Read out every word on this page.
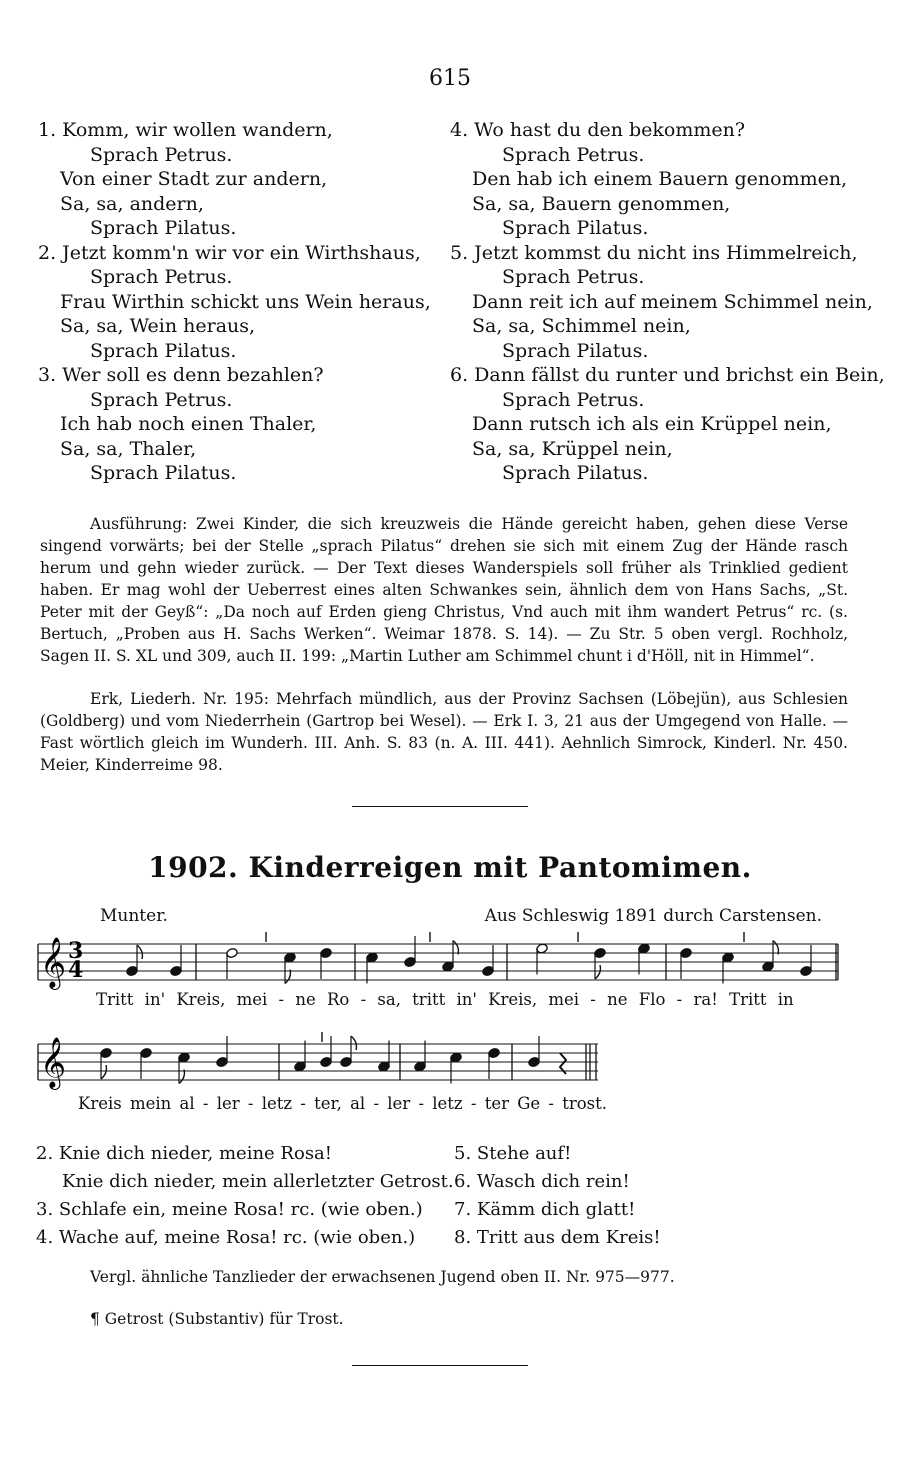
615
1. Komm, wir wollen wandern,
Sprach Petrus.
Von einer Stadt zur andern,
Sa, sa, andern,
Sprach Pilatus.
2. Jetzt komm'n wir vor ein Wirthshaus,
Sprach Petrus.
Frau Wirthin schickt uns Wein heraus,
Sa, sa, Wein heraus,
Sprach Pilatus.
3. Wer soll es denn bezahlen?
Sprach Petrus.
Ich hab noch einen Thaler,
Sa, sa, Thaler,
Sprach Pilatus.
4. Wo hast du den bekommen?
Sprach Petrus.
Den hab ich einem Bauern genommen,
Sa, sa, Bauern genommen,
Sprach Pilatus.
5. Jetzt kommst du nicht ins Himmelreich,
Sprach Petrus.
Dann reit ich auf meinem Schimmel nein,
Sa, sa, Schimmel nein,
Sprach Pilatus.
6. Dann fällst du runter und brichst ein Bein,
Sprach Petrus.
Dann rutsch ich als ein Krüppel nein,
Sa, sa, Krüppel nein,
Sprach Pilatus.

Ausführung: Zwei Kinder, die sich kreuzweis die Hände gereicht haben, gehen diese Verse singend vorwärts; bei der Stelle „sprach Pilatus“ drehen sie sich mit einem Zug der Hände rasch herum und gehn wieder zurück. — Der Text dieses Wanderspiels soll früher als Trinklied gedient haben. Er mag wohl der Ueberrest eines alten Schwankes sein, ähnlich dem von Hans Sachs, „St. Peter mit der Geyß“: „Da noch auf Erden gieng Christus, Vnd auch mit ihm wandert Petrus“ rc. (s. Bertuch, „Proben aus H. Sachs Werken“. Weimar 1878. S. 14). — Zu Str. 5 oben vergl. Rochholz, Sagen II. S. XL und 309, auch II. 199: „Martin Luther am Schimmel chunt i d'Höll, nit in Himmel“.

Erk, Liederh. Nr. 195: Mehrfach mündlich, aus der Provinz Sachsen (Löbejün), aus Schlesien (Goldberg) und vom Niederrhein (Gartrop bei Wesel). — Erk I. 3, 21 aus der Umgegend von Halle. — Fast wörtlich gleich im Wunderh. III. Anh. S. 83 (n. A. III. 441). Aehnlich Simrock, Kinderl. Nr. 450. Meier, Kinderreime 98.

1902. Kinderreigen mit Pantomimen.
Munter.	Aus Schleswig 1891 durch Carstensen.
𝄞
𝄞
3
4
Tritt in' Kreis, mei - ne Ro - sa, tritt in' Kreis, mei - ne Flo - ra! Tritt in
Kreis mein al - ler - letz - ter, al - ler - letz - ter Ge - trost.
2. Knie dich nieder, meine Rosa!
Knie dich nieder, mein allerletzter Getrost.
3. Schlafe ein, meine Rosa! rc. (wie oben.)
4. Wache auf, meine Rosa! rc. (wie oben.)
5. Stehe auf!
6. Wasch dich rein!
7. Kämm dich glatt!
8. Tritt aus dem Kreis!
Vergl. ähnliche Tanzlieder der erwachsenen Jugend oben II. Nr. 975—977.
¶ Getrost (Substantiv) für Trost.
